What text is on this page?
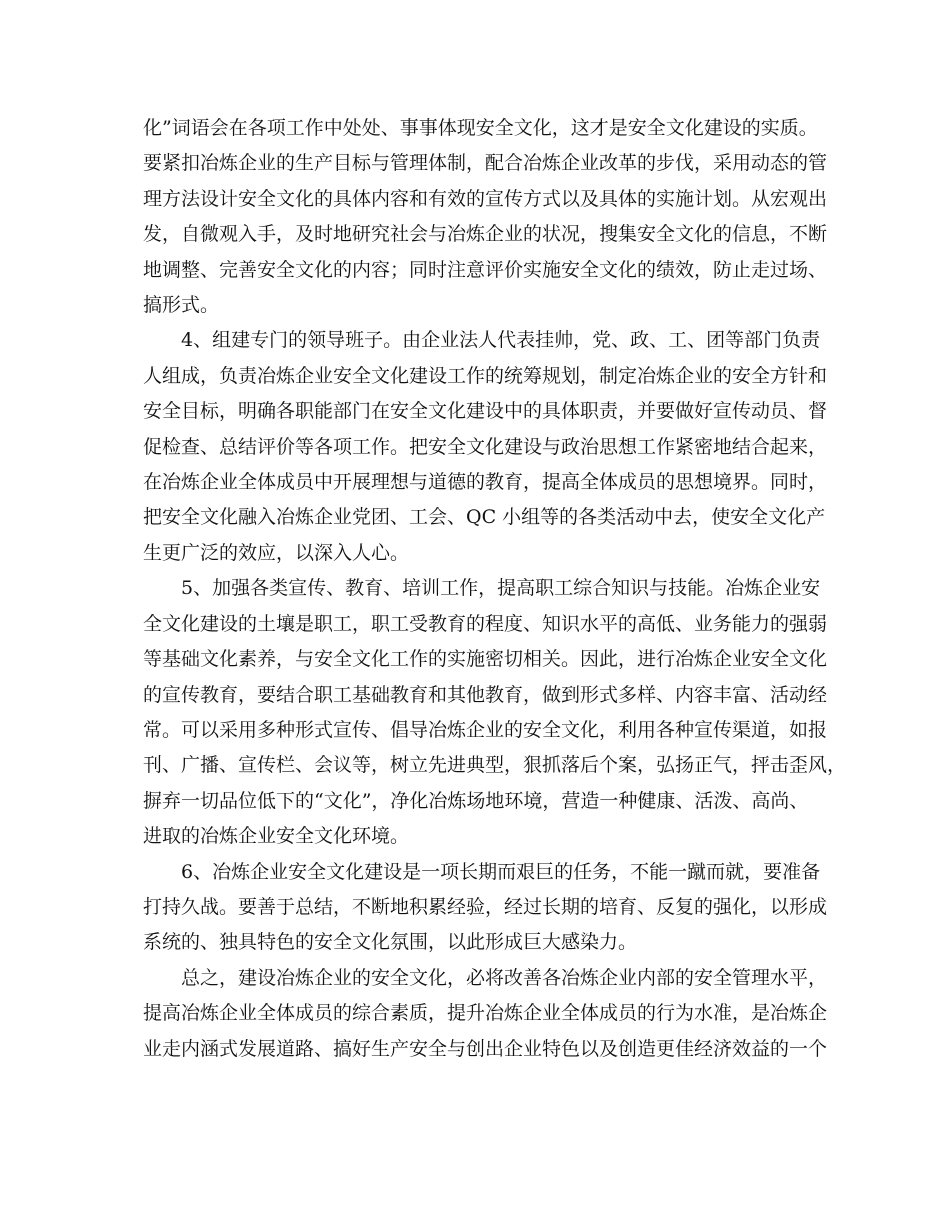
化”词语会在各项工作中处处、事事体现安全文化，这才是安全文化建设的实质。
要紧扣冶炼企业的生产目标与管理体制，配合冶炼企业改革的步伐，采用动态的管
理方法设计安全文化的具体内容和有效的宣传方式以及具体的实施计划。从宏观出
发，自微观入手，及时地研究社会与冶炼企业的状况，搜集安全文化的信息，不断
地调整、完善安全文化的内容；同时注意评价实施安全文化的绩效，防止走过场、
搞形式。

4、组建专门的领导班子。由企业法人代表挂帅，党、政、工、团等部门负责
人组成，负责冶炼企业安全文化建设工作的统筹规划，制定冶炼企业的安全方针和
安全目标，明确各职能部门在安全文化建设中的具体职责，并要做好宣传动员、督
促检查、总结评价等各项工作。把安全文化建设与政治思想工作紧密地结合起来，
在冶炼企业全体成员中开展理想与道德的教育，提高全体成员的思想境界。同时，
把安全文化融入冶炼企业党团、工会、QC 小组等的各类活动中去，使安全文化产
生更广泛的效应，以深入人心。

5、加强各类宣传、教育、培训工作，提高职工综合知识与技能。冶炼企业安
全文化建设的土壤是职工，职工受教育的程度、知识水平的高低、业务能力的强弱
等基础文化素养，与安全文化工作的实施密切相关。因此，进行冶炼企业安全文化
的宣传教育，要结合职工基础教育和其他教育，做到形式多样、内容丰富、活动经
常。可以采用多种形式宣传、倡导冶炼企业的安全文化，利用各种宣传渠道，如报
刊、广播、宣传栏、会议等，树立先进典型，狠抓落后个案，弘扬正气，抨击歪风，
摒弃一切品位低下的“文化”，净化冶炼场地环境，营造一种健康、活泼、高尚、
进取的冶炼企业安全文化环境。

6、冶炼企业安全文化建设是一项长期而艰巨的任务，不能一蹴而就，要准备
打持久战。要善于总结，不断地积累经验，经过长期的培育、反复的强化，以形成
系统的、独具特色的安全文化氛围，以此形成巨大感染力。

总之，建设冶炼企业的安全文化，必将改善各冶炼企业内部的安全管理水平，
提高冶炼企业全体成员的综合素质，提升冶炼企业全体成员的行为水准，是冶炼企
业走内涵式发展道路、搞好生产安全与创出企业特色以及创造更佳经济效益的一个
